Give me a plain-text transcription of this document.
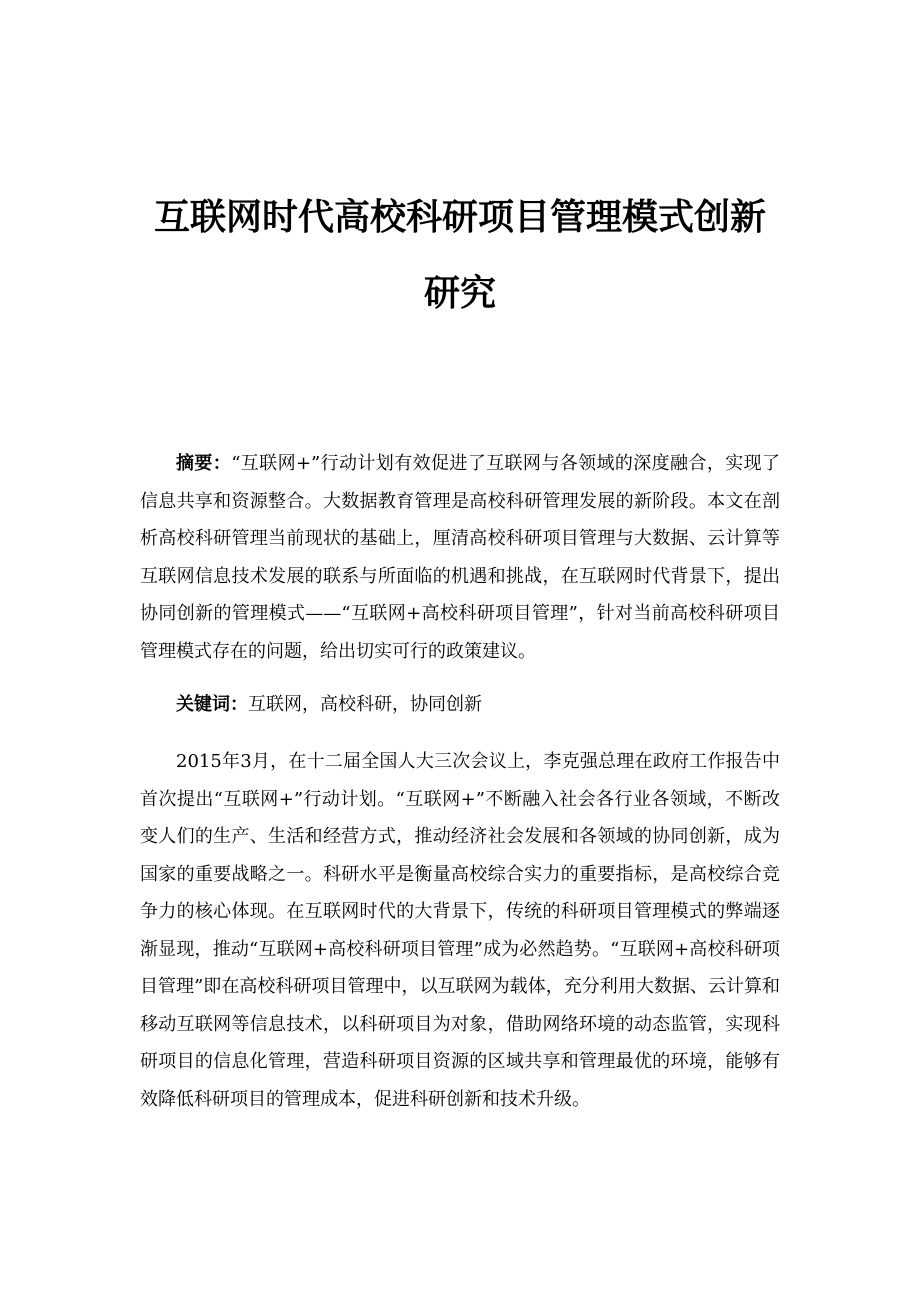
互联网时代高校科研项目管理模式创新
研究

摘要：“互联网+”行动计划有效促进了互联网与各领域的深度融合，实现了信息共享和资源整合。大数据教育管理是高校科研管理发展的新阶段。本文在剖析高校科研管理当前现状的基础上，厘清高校科研项目管理与大数据、云计算等互联网信息技术发展的联系与所面临的机遇和挑战，在互联网时代背景下，提出协同创新的管理模式——“互联网+高校科研项目管理”，针对当前高校科研项目管理模式存在的问题，给出切实可行的政策建议。

关键词：互联网，高校科研，协同创新

2015年3月，在十二届全国人大三次会议上，李克强总理在政府工作报告中首次提出“互联网+”行动计划。“互联网+”不断融入社会各行业各领域，不断改变人们的生产、生活和经营方式，推动经济社会发展和各领域的协同创新，成为国家的重要战略之一。科研水平是衡量高校综合实力的重要指标，是高校综合竞争力的核心体现。在互联网时代的大背景下，传统的科研项目管理模式的弊端逐渐显现，推动“互联网+高校科研项目管理”成为必然趋势。“互联网+高校科研项目管理”即在高校科研项目管理中，以互联网为载体，充分利用大数据、云计算和移动互联网等信息技术，以科研项目为对象，借助网络环境的动态监管，实现科研项目的信息化管理，营造科研项目资源的区域共享和管理最优的环境，能够有效降低科研项目的管理成本，促进科研创新和技术升级。
